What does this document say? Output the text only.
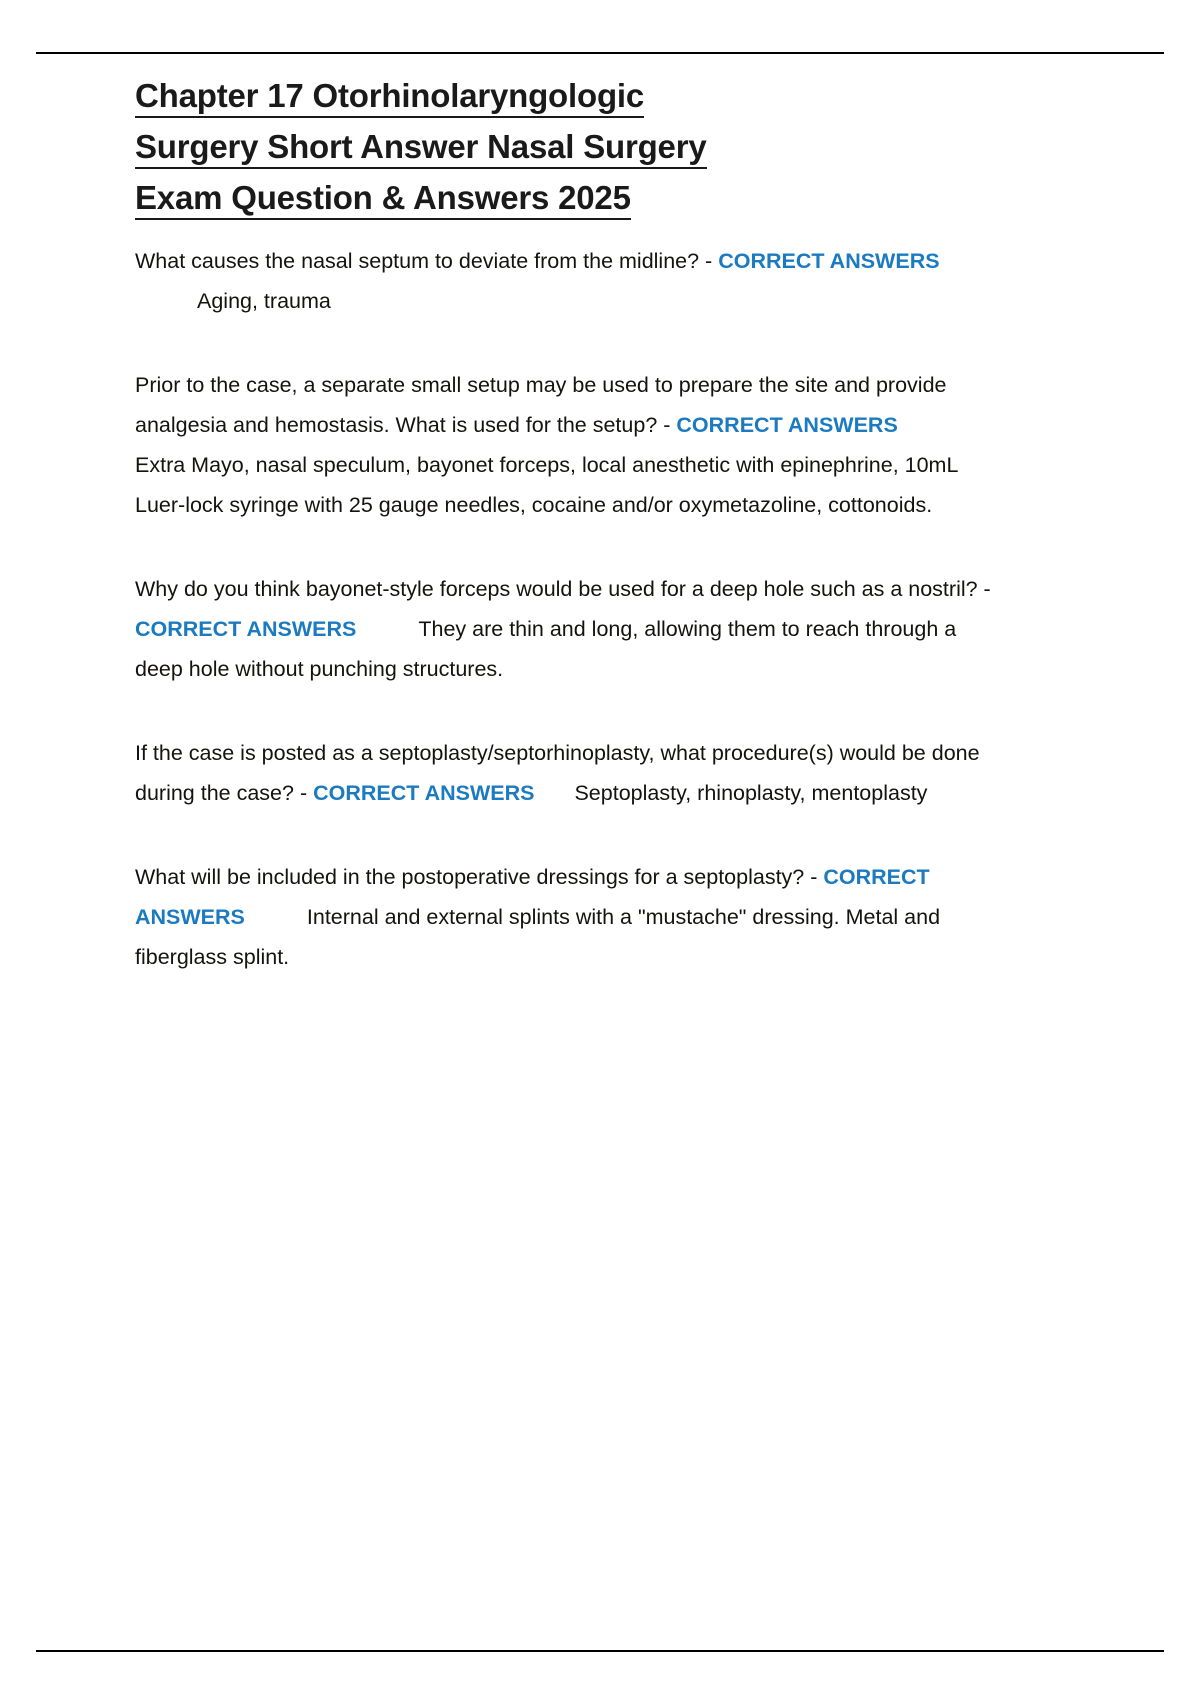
Chapter 17 Otorhinolaryngologic
Surgery Short Answer Nasal Surgery
Exam Question & Answers 2025

What causes the nasal septum to deviate from the midline? - CORRECT ANSWERSAging, trauma

Prior to the case, a separate small setup may be used to prepare the site and provide analgesia and hemostasis. What is used for the setup? - CORRECT ANSWERSExtra Mayo, nasal speculum, bayonet forceps, local anesthetic with epinephrine, 10mL Luer-lock syringe with 25 gauge needles, cocaine and/or oxymetazoline, cottonoids.

Why do you think bayonet-style forceps would be used for a deep hole such as a nostril? - CORRECT ANSWERS	They are thin and long, allowing them to reach through a deep hole without punching structures.

If the case is posted as a septoplasty/septorhinoplasty, what procedure(s) would be done during the case? - CORRECT ANSWERS Septoplasty, rhinoplasty, mentoplasty

What will be included in the postoperative dressings for a septoplasty? - CORRECT ANSWERS	Internal and external splints with a "mustache" dressing. Metal and fiberglass splint.
